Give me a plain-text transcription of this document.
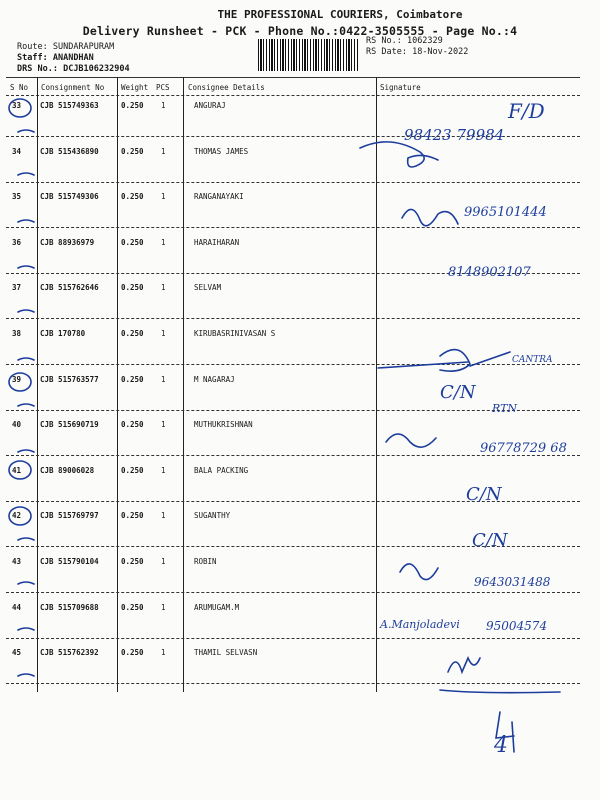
THE PROFESSIONAL COURIERS, Coimbatore
Delivery Runsheet - PCK - Phone No.:0422-3505555 - Page No.:4
Route: SUNDARAPURAM
Staff: ANANDHAN
DRS No.: DCJB106232904
RS No.: 1062329
RS Date: 18-Nov-2022
S No Consignment No Weight PCS Consignee Details	Signature
33	CJB 515749363	0.250 1	ANGURAJ
34	CJB 515436890	0.250 1	THOMAS JAMES
35	CJB 515749306	0.250 1	RANGANAYAKI
36	CJB 88936979	0.250 1	HARAIHARAN
37	CJB 515762646	0.250 1	SELVAM
38	CJB 170780	0.250 1	KIRUBASRINIVASAN S
39	CJB 515763577	0.250 1	M NAGARAJ
40	CJB 515690719	0.250 1	MUTHUKRISHNAN
41	CJB 89006028	0.250 1	BALA PACKING
42	CJB 515769797	0.250 1	SUGANTHY
43	CJB 515790104	0.250 1	ROBIN
44	CJB 515709688	0.250 1	ARUMUGAM.M
45	CJB 515762392	0.250 1	THAMIL SELVASN
F/D
98423 79984
9965101444
8148902107
CANTRA
C/N
RTN
96778729 68
C/N
C/N
9643031488
A.Manjoladevi 95004574
4
